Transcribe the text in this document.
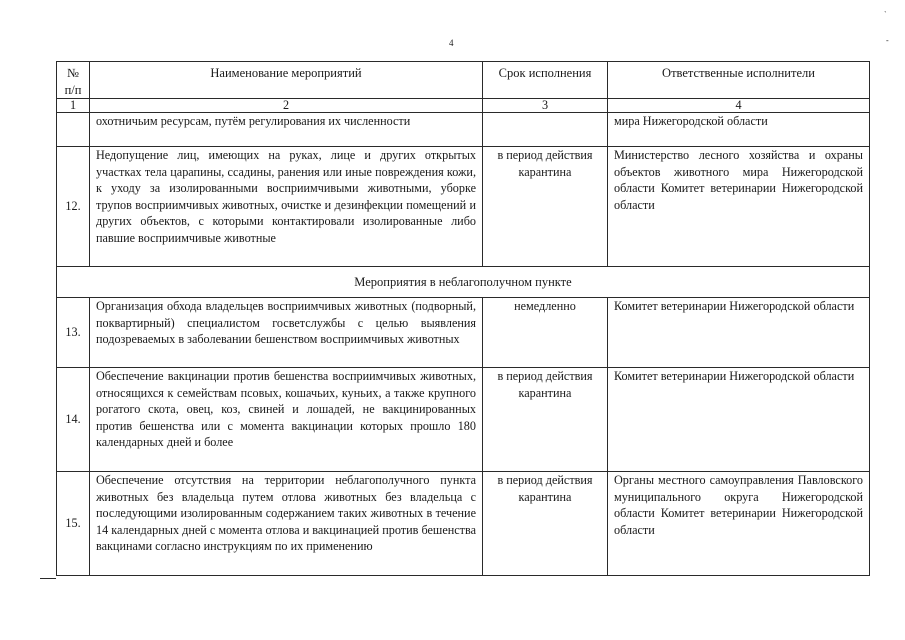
4
`
-
№ п/п	Наименование мероприятий	Срок исполнения	Ответственные исполнители
1	2	3	4
	охотничьим ресурсам, путём регулирования их численности		мира Нижегородской области
12.	Недопущение лиц, имеющих на руках, лице и других открытых участках тела царапины, ссадины, ранения или иные повреждения кожи, к уходу за изолированными восприимчивыми животными, уборке трупов восприимчивых животных, очистке и дезинфекции помещений и других объектов, с которыми контактировали изолированные либо павшие восприимчивые животные	в период действия карантина	Министерство лесного хозяйства и охраны объектов животного мира Нижегородской области Комитет ветеринарии Нижегородской области
Мероприятия в неблагополучном пункте			
13.	Организация обхода владельцев восприимчивых животных (подворный, поквартирный) специалистом госветслужбы с целью выявления подозреваемых в заболевании бешенством восприимчивых животных	немедленно	Комитет ветеринарии Нижегородской области
14.	Обеспечение вакцинации против бешенства восприимчивых животных, относящихся к семействам псовых, кошачьих, куньих, а также крупного рогатого скота, овец, коз, свиней и лошадей, не вакцинированных против бешенства или с момента вакцинации которых прошло 180 календарных дней и более	в период действия карантина	Комитет ветеринарии Нижегородской области
15.	Обеспечение отсутствия на территории неблагополучного пункта животных без владельца путем отлова животных без владельца с последующими изолированным содержанием таких животных в течение 14 календарных дней с момента отлова и вакцинацией против бешенства вакцинами согласно инструкциям по их применению	в период действия карантина	Органы местного самоуправления Павловского муниципального округа Нижегородской области Комитет ветеринарии Нижегородской области
